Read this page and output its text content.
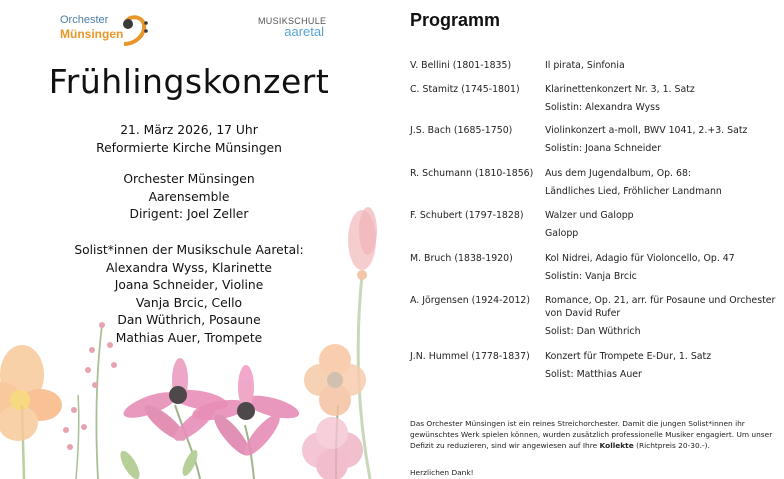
Orchester
Münsingen
MUSIKSCHULE
aaretal
Frühlingskonzert
21. März 2026, 17 Uhr
Reformierte Kirche Münsingen
Orchester Münsingen
Aarensemble
Dirigent: Joel Zeller
Solist*innen der Musikschule Aaretal:
Alexandra Wyss, Klarinette
Joana Schneider, Violine
Vanja Brcic, Cello
Dan Wüthrich, Posaune
Mathias Auer, Trompete
Programm
V. Bellini (1801-1835)	Il pirata, Sinfonia
C. Stamitz (1745-1801)	Klarinettenkonzert Nr. 3, 1. Satz
Solistin: Alexandra Wyss
J.S. Bach (1685-1750)	Violinkonzert a-moll, BWV 1041, 2.+3. Satz
Solistin: Joana Schneider
R. Schumann (1810-1856) Aus dem Jugendalbum, Op. 68:
Ländliches Lied, Fröhlicher Landmann
F. Schubert (1797-1828) Walzer und Galopp
Galopp
M. Bruch (1838-1920)	Kol Nidrei, Adagio für Violoncello, Op. 47
Solistin: Vanja Brcic
A. Jörgensen (1924-2012) Romance, Op. 21, arr. für Posaune und Orchester von David Rufer
Solist: Dan Wüthrich
J.N. Hummel (1778-1837) Konzert für Trompete E-Dur, 1. Satz
Solist: Matthias Auer
Das Orchester Münsingen ist ein reines Streichorchester. Damit die jungen Solist*innen ihr gewünschtes Werk spielen können, wurden zusätzlich professionelle Musiker engagiert. Um unser Defizit zu reduzieren, sind wir angewiesen auf Ihre Kollekte (Richtpreis 20-30.-).
Herzlichen Dank!
